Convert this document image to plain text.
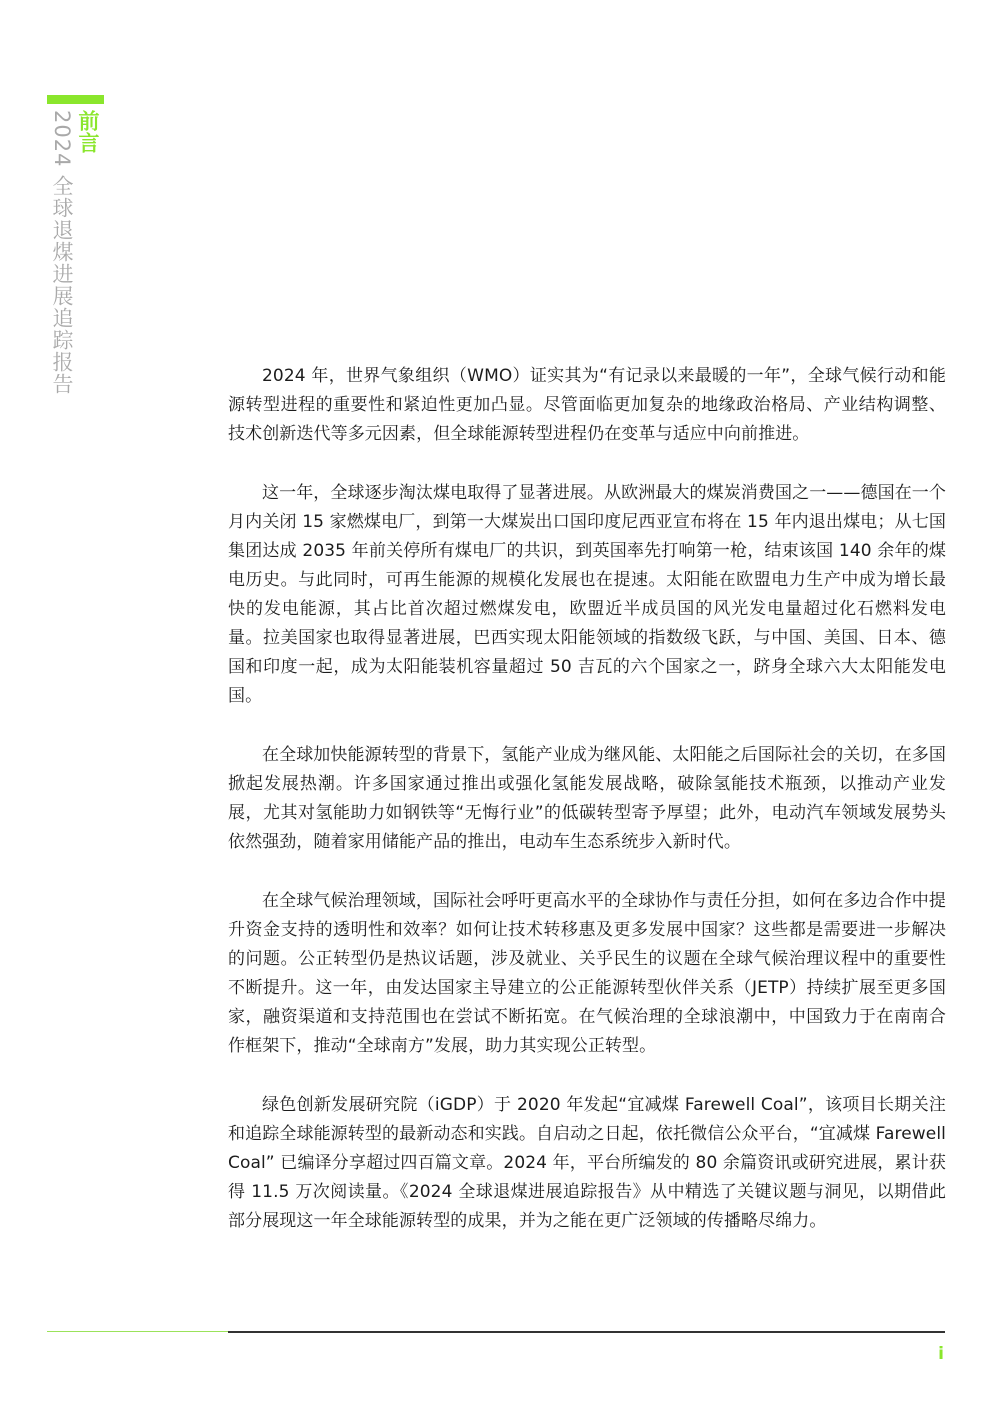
前言
2024 全球退煤进展追踪报告	2024 年，世界气象组织（WMO）证实其为“有记录以来最暖的一年”，全球气候行动和能源转型进程的重要性和紧迫性更加凸显。尽管面临更加复杂的地缘政治格局、产业结构调整、技术创新迭代等多元因素，但全球能源转型进程仍在变革与适应中向前推进。

这一年，全球逐步淘汰煤电取得了显著进展。从欧洲最大的煤炭消费国之一——德国在一个月内关闭 15 家燃煤电厂，到第一大煤炭出口国印度尼西亚宣布将在 15 年内退出煤电；从七国集团达成 2035 年前关停所有煤电厂的共识，到英国率先打响第一枪，结束该国 140 余年的煤电历史。与此同时，可再生能源的规模化发展也在提速。太阳能在欧盟电力生产中成为增长最快的发电能源，其占比首次超过燃煤发电，欧盟近半成员国的风光发电量超过化石燃料发电量。拉美国家也取得显著进展，巴西实现太阳能领域的指数级飞跃，与中国、美国、日本、德国和印度一起，成为太阳能装机容量超过 50 吉瓦的六个国家之一，跻身全球六大太阳能发电国。

在全球加快能源转型的背景下，氢能产业成为继风能、太阳能之后国际社会的关切，在多国掀起发展热潮。许多国家通过推出或强化氢能发展战略，破除氢能技术瓶颈，以推动产业发展，尤其对氢能助力如钢铁等“无悔行业”的低碳转型寄予厚望；此外，电动汽车领域发展势头依然强劲，随着家用储能产品的推出，电动车生态系统步入新时代。

在全球气候治理领域，国际社会呼吁更高水平的全球协作与责任分担，如何在多边合作中提升资金支持的透明性和效率？如何让技术转移惠及更多发展中国家？这些都是需要进一步解决的问题。公正转型仍是热议话题，涉及就业、关乎民生的议题在全球气候治理议程中的重要性不断提升。这一年，由发达国家主导建立的公正能源转型伙伴关系（JETP）持续扩展至更多国家，融资渠道和支持范围也在尝试不断拓宽。在气候治理的全球浪潮中，中国致力于在南南合作框架下，推动“全球南方”发展，助力其实现公正转型。

绿色创新发展研究院（iGDP）于 2020 年发起“宜减煤 Farewell Coal”，该项目长期关注和追踪全球能源转型的最新动态和实践。自启动之日起，依托微信公众平台，“宜减煤 Farewell Coal” 已编译分享超过四百篇文章。2024 年，平台所编发的 80 余篇资讯或研究进展，累计获得 11.5 万次阅读量。《2024 全球退煤进展追踪报告》从中精选了关键议题与洞见，以期借此部分展现这一年全球能源转型的成果，并为之能在更广泛领域的传播略尽绵力。

i
